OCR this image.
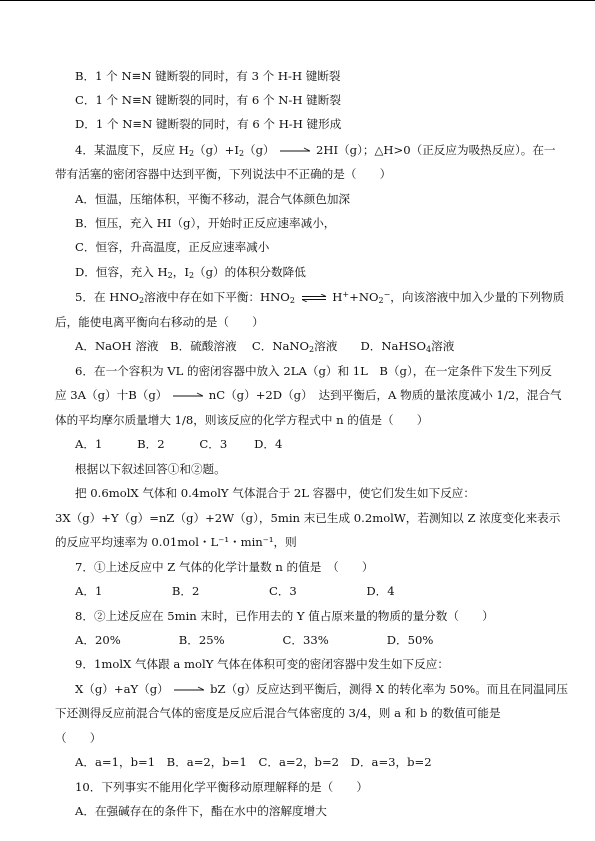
B．1 个 N≡N 键断裂的同时，有 3 个 H-H 键断裂
C．1 个 N≡N 键断裂的同时，有 6 个 N-H 键断裂
D．1 个 N≡N 键断裂的同时，有 6 个 H-H 键形成
4．某温度下，反应 $H_2(g)+I_2(g) \to 2HI(g)$；△H>0（正反应为吸热反应）。在一
带有活塞的密闭容器中达到平衡，下列说法中不正确的是（　　）
A．恒温，压缩体积，平衡不移动，混合气体颜色加深
B．恒压，充入 HI（g），开始时正反应速率减小，
C．恒容，升高温度，正反应速率减小
D．恒容，充入 $H_2$，$I_2(g)$的体积分数降低
5．在 $HNO_2$溶液中存在如下平衡：$HNO_2$ ⇌ $H^++NO_2^-$，向该溶液中加入少量的下列物质
后，能使电离平衡向右移动的是（　　）
A．NaOH 溶液　B．硫酸溶液　 C．NaNO$_2$溶液　　D．NaHSO$_4$溶液
6．在一个容积为 VL 的密闭容器中放入 2LA（g）和 1L　B（g），在一定条件下发生下列反
应 3A（g）十B（g） → nC（g）+2D（g）　达到平衡后，A 物质的量浓度减小 1/2，混合气
体的平均摩尔质量增大 1/8，则该反应的化学方程式中 n 的值是（　　）
A．1　　　B．2　　　C．3　　 D．4
根据以下叙述回答①和②题。
把 0.6molX 气体和 0.4molY 气体混合于 2L 容器中，使它们发生如下反应：
3X（g）+Y（g）=nZ（g）+2W（g），5min 末已生成 0.2molW，若测知以 Z 浓度变化来表示
的反应平均速率为 0.01mol・L⁻¹・min⁻¹，则
7．①上述反应中 Z 气体的化学计量数 n 的值是　（　　）
A．1　　　　　　B．2　　　　　　C．3　　　　　　D．4
8．②上述反应在 5min 末时，已作用去的 Y 值占原来量的物质的量分数（　　）
A．20%　　　　　B．25%　　　　　C．33%　　　　　D．50%
9．1molX 气体跟 a molY 气体在体积可变的密闭容器中发生如下反应：
X（g）+aY（g） → bZ（g）反应达到平衡后，测得 X 的转化率为 50%。而且在同温同压
下还测得反应前混合气体的密度是反应后混合气体密度的 3/4，则 a 和 b 的数值可能是
（　　）
A．a=1，b=1　B．a=2，b=1　C．a=2，b=2　D．a=3，b=2
10．下列事实不能用化学平衡移动原理解释的是（　　）
A．在强碱存在的条件下，酯在水中的溶解度增大
